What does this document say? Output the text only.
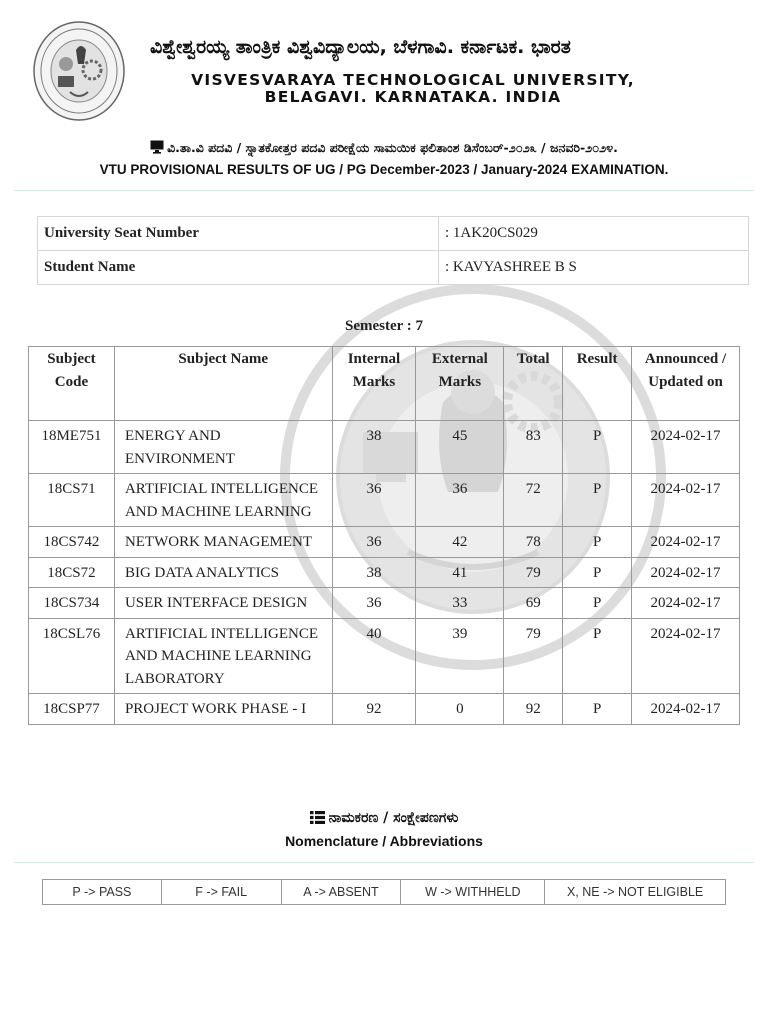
ವಿಶ್ವೇಶ್ವರಯ್ಯ ತಾಂತ್ರಿಕ ವಿಶ್ವವಿದ್ಯಾಲಯ, ಬೆಳಗಾವಿ. ಕರ್ನಾಟಕ. ಭಾರತ
VISVESVARAYA TECHNOLOGICAL UNIVERSITY,
BELAGAVI. KARNATAKA. INDIA
ವಿ.ತಾ.ವಿ ಪದವಿ / ಸ್ನಾತಕೋತ್ತರ ಪದವಿ ಪರೀಕ್ಷೆಯ ಸಾಮಯಿಕ ಫಲಿತಾಂಶ ಡಿಸೆಂಬರ್-೨೦೨೩ / ಜನವರಿ-೨೦೨೪.
VTU PROVISIONAL RESULTS OF UG / PG December-2023 / January-2024 EXAMINATION.
University Seat Number	: 1AK20CS029
Student Name	: KAVYASHREE B S
Semester : 7
Subject Code	Subject Name	Internal Marks	External Marks	Total	Result	Announced / Updated on
18ME751	ENERGY AND ENVIRONMENT	38	45	83	P	2024-02-17
18CS71	ARTIFICIAL INTELLIGENCE AND MACHINE LEARNING	36	36	72	P	2024-02-17
18CS742	NETWORK MANAGEMENT	36	42	78	P	2024-02-17
18CS72	BIG DATA ANALYTICS	38	41	79	P	2024-02-17
18CS734	USER INTERFACE DESIGN	36	33	69	P	2024-02-17
18CSL76	ARTIFICIAL INTELLIGENCE AND MACHINE LEARNING LABORATORY	40	39	79	P	2024-02-17
18CSP77	PROJECT WORK PHASE - I	92	0	92	P	2024-02-17
ನಾಮಕರಣ / ಸಂಕ್ಷೇಪಣಗಳು
Nomenclature / Abbreviations
P -> PASS	F -> FAIL	A -> ABSENT	W -> WITHHELD	X, NE -> NOT ELIGIBLE
